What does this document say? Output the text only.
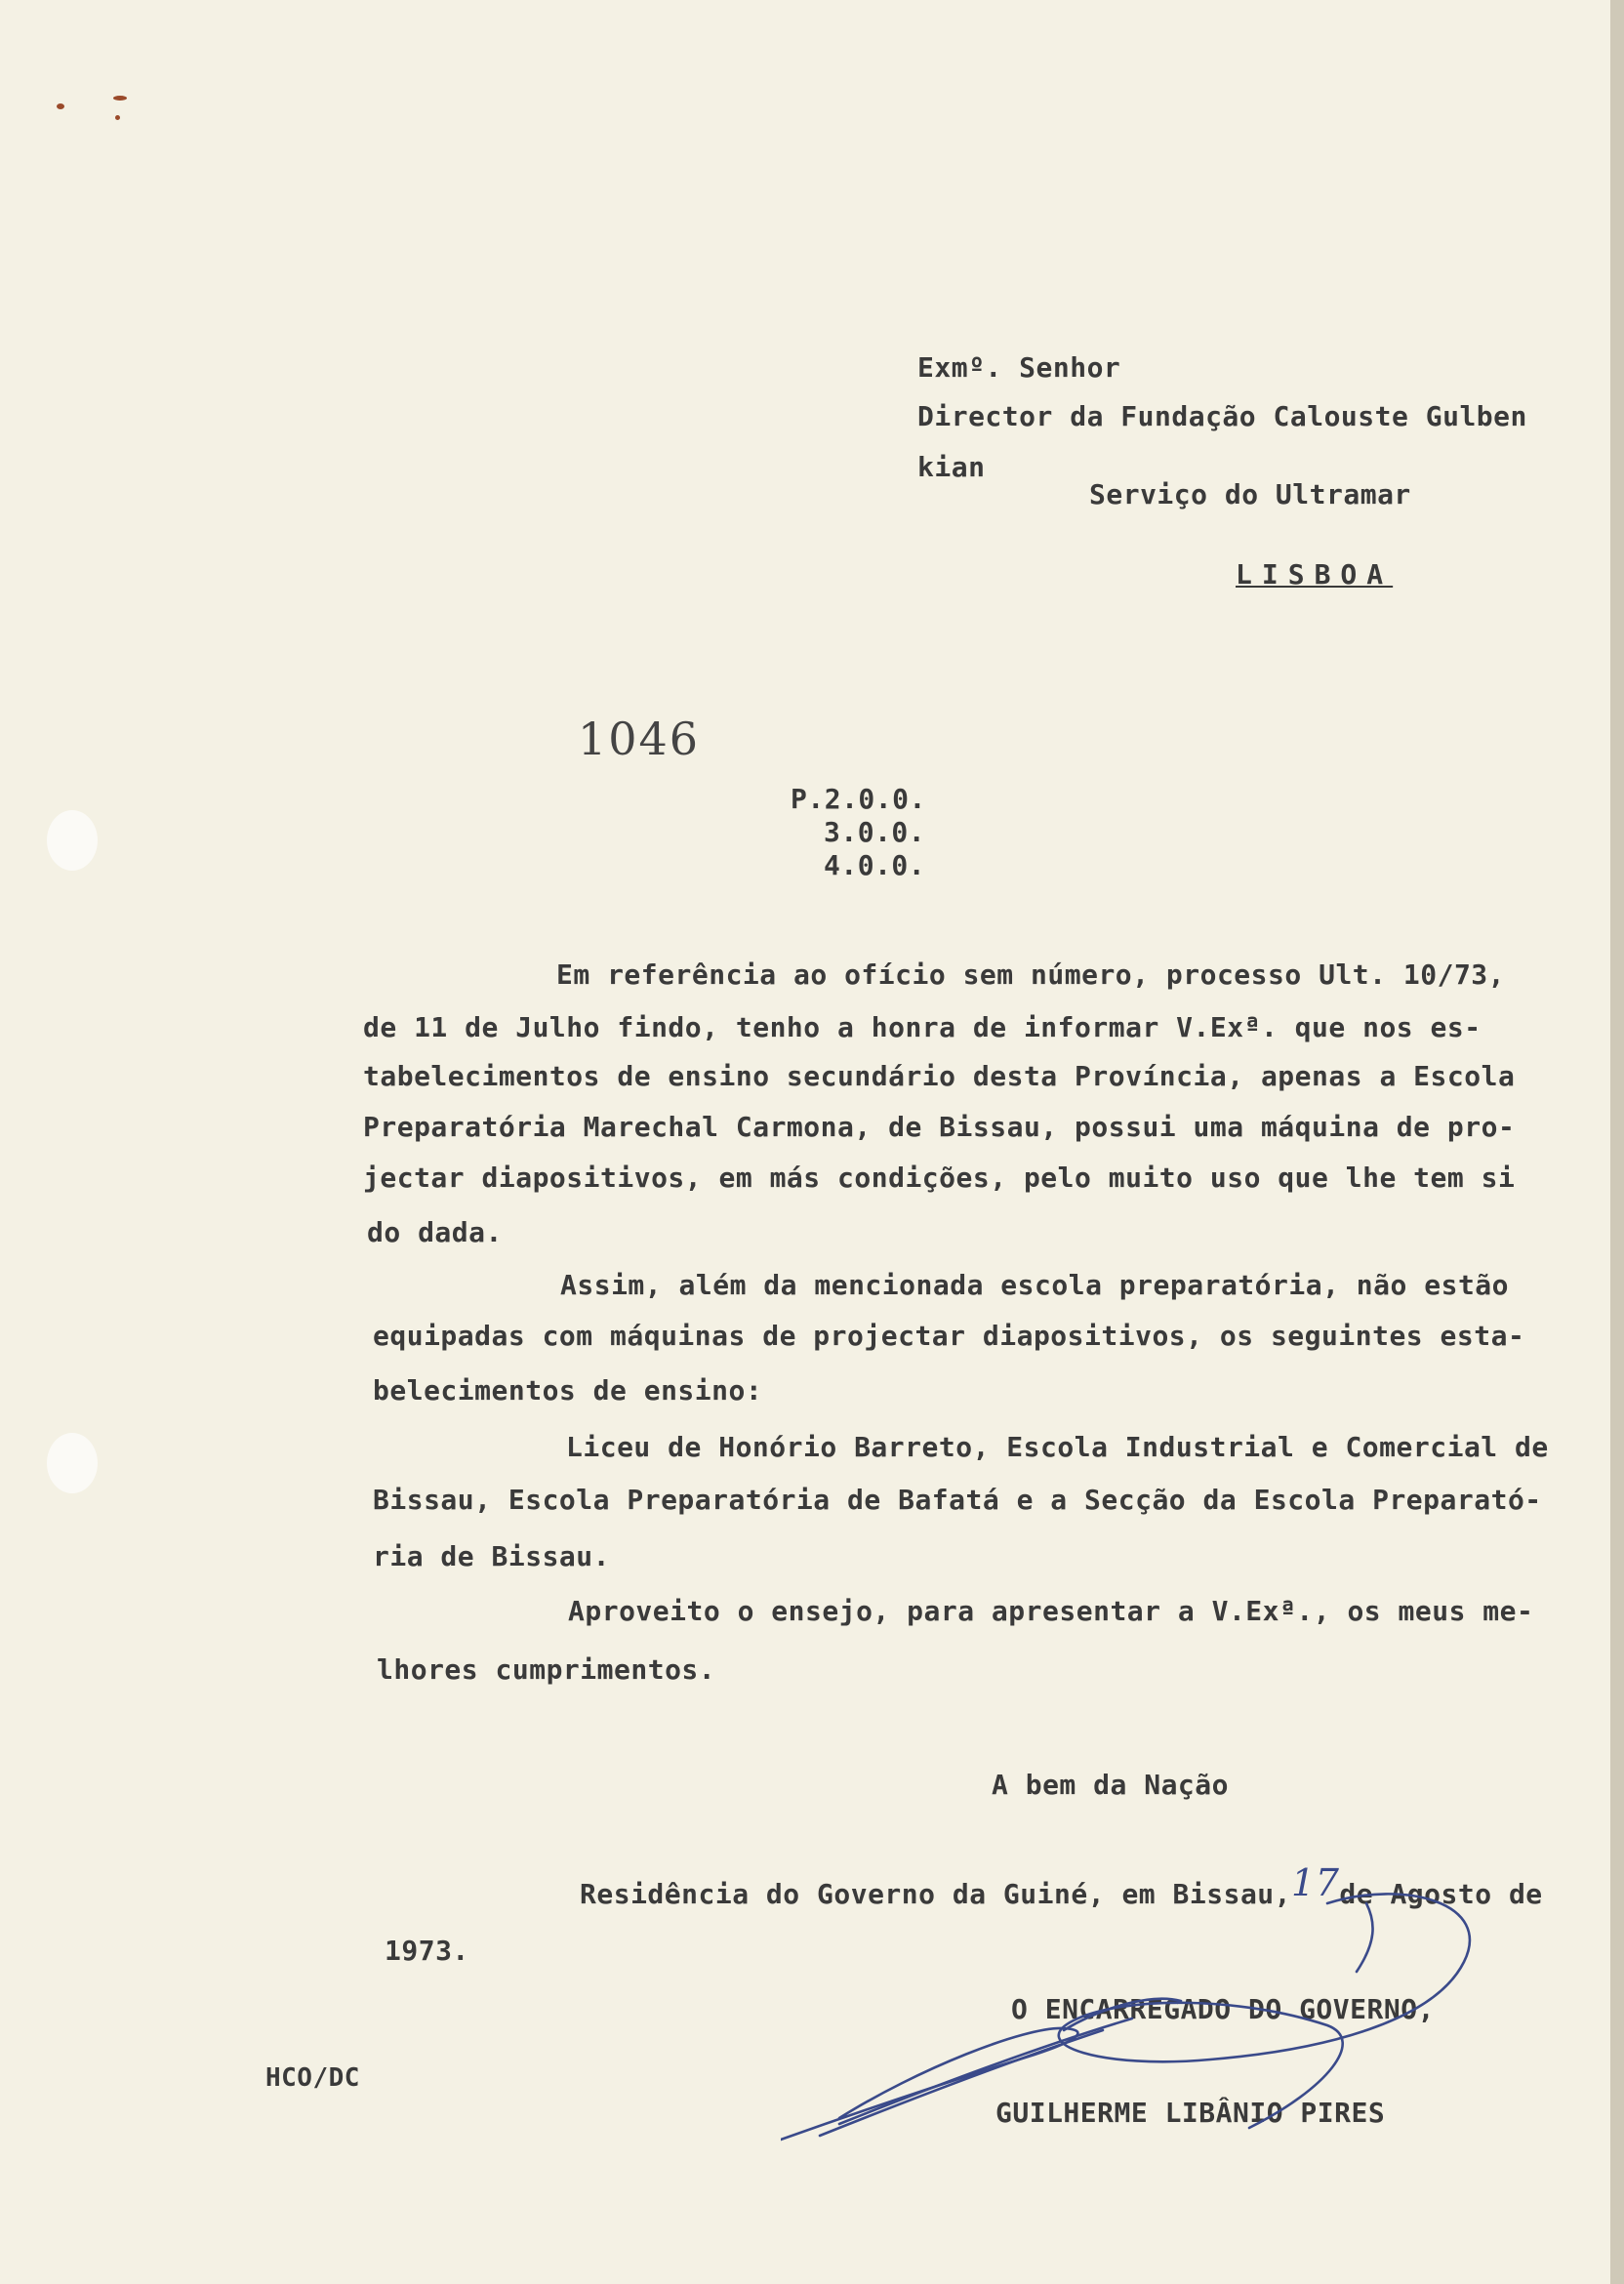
Exmº. Senhor
Director da Fundação Calouste Gulben
kian
Serviço do Ultramar
LISBOA
1046
P.2.0.0.
3.0.0.
4.0.0.
Em referência ao ofício sem número, processo Ult. 10/73,
de 11 de Julho findo, tenho a honra de informar V.Exª. que nos es-
tabelecimentos de ensino secundário desta Província, apenas a Escola
Preparatória Marechal Carmona, de Bissau, possui uma máquina de pro-
jectar diapositivos, em más condições, pelo muito uso que lhe tem si
do dada.
Assim, além da mencionada escola preparatória, não estão
equipadas com máquinas de projectar diapositivos, os seguintes esta-
belecimentos de ensino:
Liceu de Honório Barreto, Escola Industrial e Comercial de
Bissau, Escola Preparatória de Bafatá e a Secção da Escola Preparató-
ria de Bissau.
Aproveito o ensejo, para apresentar a V.Exª., os meus me-
lhores cumprimentos.
A bem da Nação
Residência do Governo da Guiné, em Bissau,17de Agosto de
1973.
O ENCARREGADO DO GOVERNO,
GUILHERME LIBÂNIO PIRES
HCO/DC
